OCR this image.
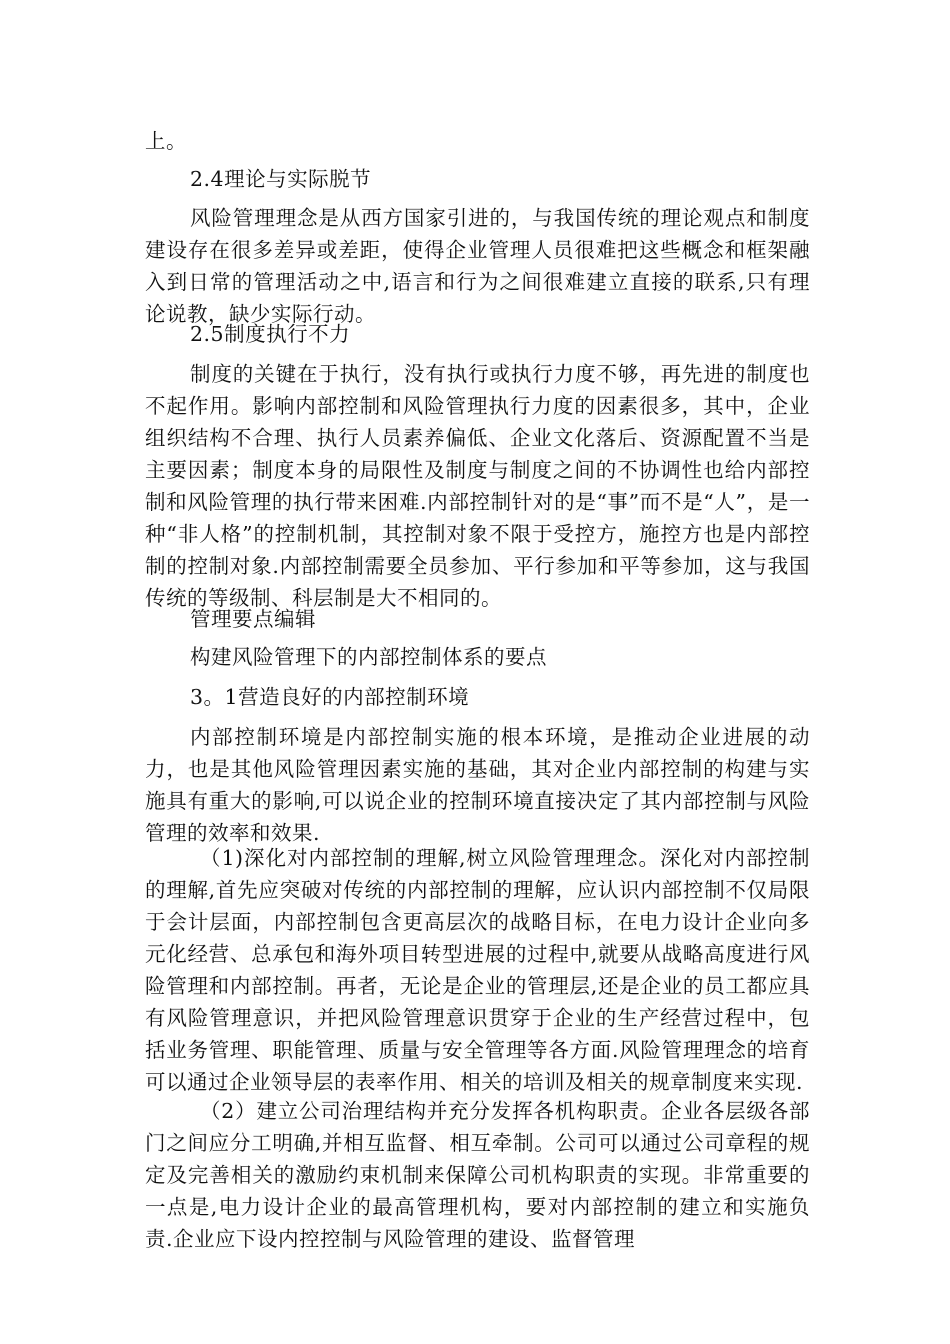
上。

2.4理论与实际脱节

风险管理理念是从西方国家引进的，与我国传统的理论观点和制度建设存在很多差异或差距，使得企业管理人员很难把这些概念和框架融入到日常的管理活动之中,语言和行为之间很难建立直接的联系,只有理论说教，缺少实际行动。

2.5制度执行不力

制度的关键在于执行，没有执行或执行力度不够，再先进的制度也不起作用。影响内部控制和风险管理执行力度的因素很多，其中，企业组织结构不合理、执行人员素养偏低、企业文化落后、资源配置不当是主要因素；制度本身的局限性及制度与制度之间的不协调性也给内部控制和风险管理的执行带来困难.内部控制针对的是“事”而不是“人”，是一种“非人格”的控制机制，其控制对象不限于受控方，施控方也是内部控制的控制对象.内部控制需要全员参加、平行参加和平等参加，这与我国传统的等级制、科层制是大不相同的。

管理要点编辑

构建风险管理下的内部控制体系的要点

3。1营造良好的内部控制环境

内部控制环境是内部控制实施的根本环境，是推动企业进展的动力，也是其他风险管理因素实施的基础，其对企业内部控制的构建与实施具有重大的影响,可以说企业的控制环境直接决定了其内部控制与风险管理的效率和效果.

（1)深化对内部控制的理解,树立风险管理理念。深化对内部控制的理解,首先应突破对传统的内部控制的理解，应认识内部控制不仅局限于会计层面，内部控制包含更高层次的战略目标，在电力设计企业向多元化经营、总承包和海外项目转型进展的过程中,就要从战略高度进行风险管理和内部控制。再者，无论是企业的管理层,还是企业的员工都应具有风险管理意识，并把风险管理意识贯穿于企业的生产经营过程中，包括业务管理、职能管理、质量与安全管理等各方面.风险管理理念的培育可以通过企业领导层的表率作用、相关的培训及相关的规章制度来实现.

（2）建立公司治理结构并充分发挥各机构职责。企业各层级各部门之间应分工明确,并相互监督、相互牵制。公司可以通过公司章程的规定及完善相关的激励约束机制来保障公司机构职责的实现。非常重要的一点是,电力设计企业的最高管理机构，要对内部控制的建立和实施负责.企业应下设内控控制与风险管理的建设、监督管理
